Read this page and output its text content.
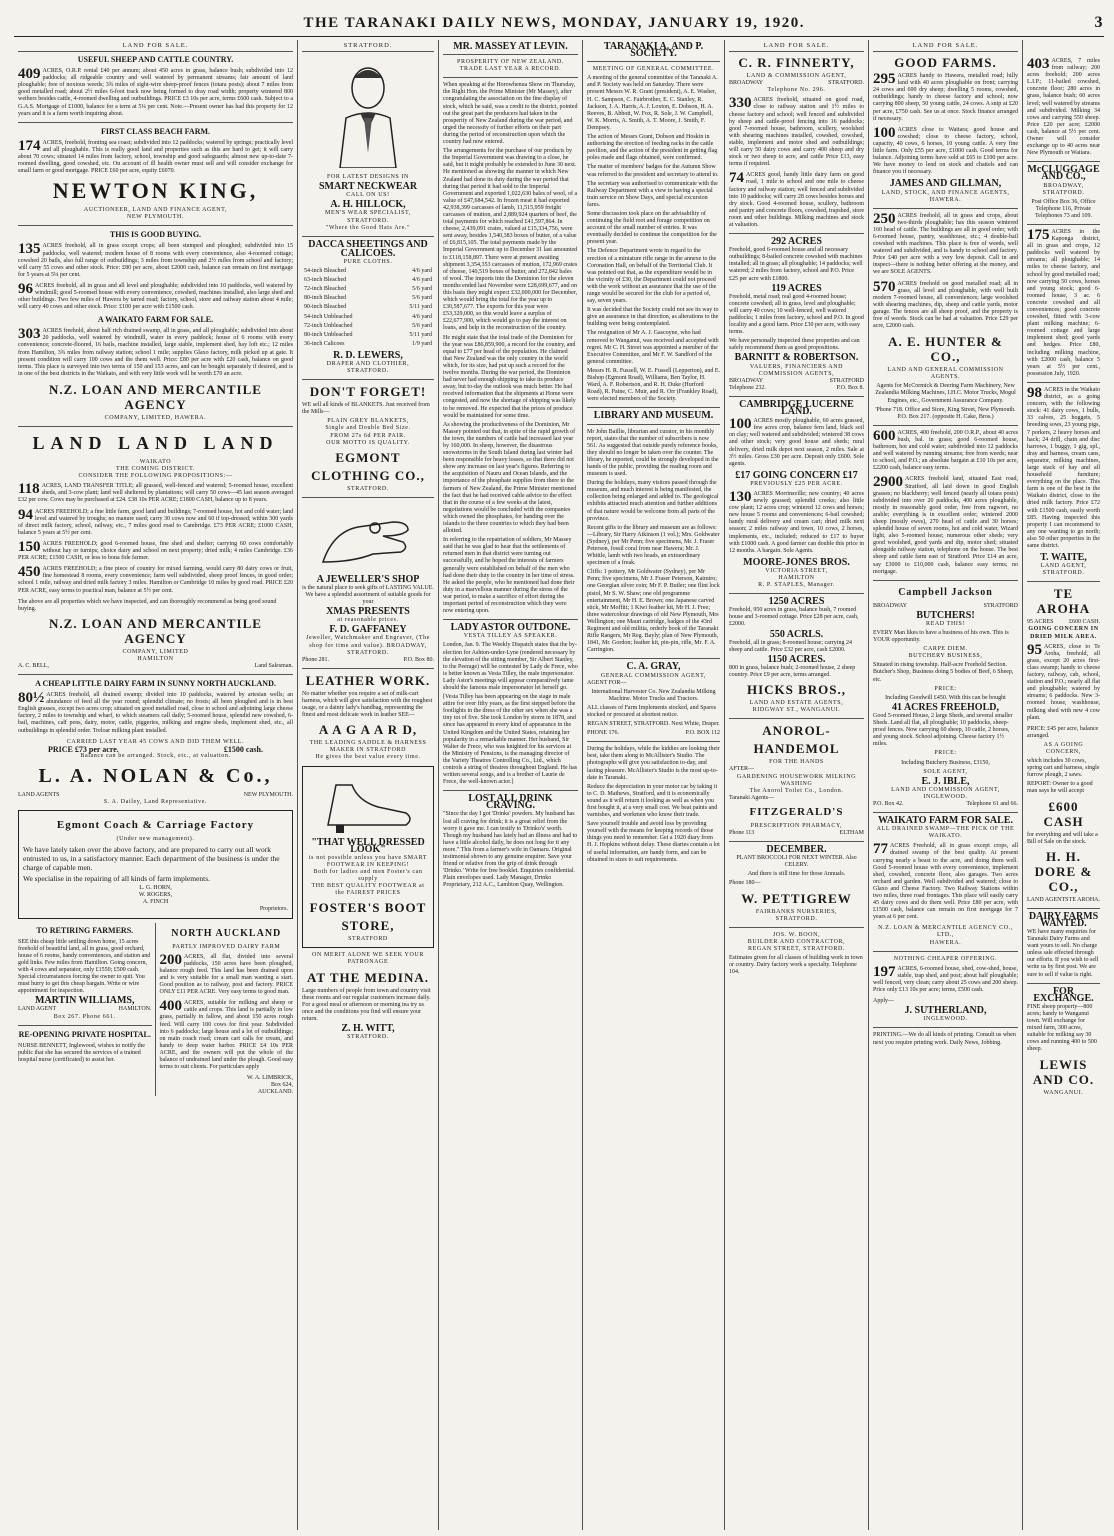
THE TARANAKI DAILY NEWS, MONDAY, JANUARY 19, 1920.	3
LAND FOR SALE.
USEFUL SHEEP AND CATTLE COUNTRY.
409 ACRES, O.R.P. rental £40 per annum; about 450 acres in grass, balance bush; subdivided into 12 paddocks; all ridgeable country and well watered by permanent streams; fair amount of land ploughable; free of noxious weeds; 3¾ miles of sight-wire sheep-proof fences (totara posts); about 7 miles from good metalled road; about 2½ miles 6-foot track now being formed to dray road width; property wintered 800 wethers besides cattle, 4-roomed dwelling and outbuildings. PRICE £3 10s per acre, terms £600 cash. Subject to a G.A.S. Mortgage of £1000, balance for a term at 5¼ per cent. Note.—Present owner has had this property for 12 years and it is a farm worth inquiring about.
FIRST CLASS BEACH FARM.
174 ACRES, freehold, fronting sea coast; subdivided into 12 paddocks; watered by springs; practically level and all ploughable. This is really good land and properties such as this are hard to get; it will carry about 70 cows; situated 14 miles from factory, school, township and good safeguards; almost new up-to-date 7-roomed dwelling, good cowshed, etc. On account of ill health owner must sell and will consider exchange for small farm or good mortgage. PRICE £60 per acre, equity £6070.
NEWTON KING,
AUCTIONEER, LAND AND FINANCE AGENT,
NEW PLYMOUTH.
THIS IS GOOD BUYING.
135 ACRES freehold, all in grass except crops; all been stumped and ploughed; subdivided into 15 paddocks, well watered; modern house of 8 rooms with every convenience, also 4-roomed cottage; cowshed 20 bails, also full range of outbuildings; 3 miles from township and 2½ miles from school and factory; will carry 55 cows and other stock. Price: £80 per acre, about £2000 cash, balance can remain on first mortgage for 5 years at 5¼ per cent.
96 ACRES freehold, all in grass and all level and ploughable; subdivided into 10 paddocks, well watered by windmill; good 5-roomed house with every convenience, cowshed, machines installed, also large shed and other buildings. Two few miles of Hawera by tarred road; factory, school, store and railway station about 4 mile; will carry 40 cows and other stock. Price: £100 per acre with £1500 cash.
A WAIKATO FARM FOR SALE.
303 ACRES freehold, about half rich drained swamp, all in grass, and all ploughable; subdivided into about 20 paddocks, well watered by windmill, water in every paddock; house of 6 rooms with every convenience; concrete-floored, 16 bails, machine installed, large stable, implement shed, hay loft etc.; 12 miles from Hamilton, 3¾ miles from railway station; school 1 mile; supplies Glaxo factory, milk picked up at gate. It present condition will carry 100 cows and the them well. Price: £80 per acre with £20 cash, balance on good terms. This place is surveyed into two terms of 150 and 153 acres, and can be bought separately if desired, and is in one of the best districts in the Waikato, and with very little work will be worth £70 an acre.
N.Z. LOAN AND MERCANTILE AGENCY
COMPANY, LIMITED, HAWERA.
LAND LAND LAND
WAIKATO
THE COMING DISTRICT.
CONSIDER THE FOLLOWING PROPOSITIONS:—
118 ACRES, LAND TRANSFER TITLE; all grassed, well-fenced and watered; 5-roomed house, excellent sheds, and 3-cow plant; land well sheltered by plantations; will carry 50 cows—45 last season averaged £32 per cow. Cows may be purchased at £24. £38 10s PER ACRE; £1800 CASH, balance up to 8 years.
94 ACRES FREEHOLD; a fine little farm, good land and buildings; 7-roomed house, hot and cold water; land level and watered by troughs; no manure used; carry 30 cows now and 60 if top-dressed; within 300 yards of direct milk factory, school, railway, etc., 7 miles good road to Cambridge. £73 PER ACRE; £1000 CASH, balance 5 years at 5½ per cent.
150 ACRES FREEHOLD; good 6-roomed house, fine shed and shelter; carrying 60 cows comfortably without hay or turnips; choice dairy and school on next property; dried milk; 4 miles Cambridge. £36 PER ACRE; £1500 CASH, or less to bona fide farmer.
450 ACRES FREEHOLD; a fine piece of country for mixed farming, would carry 80 dairy cows or fruit, fine homestead 8 rooms, every convenience; farm well subdivided, sheep proof fences, in good order; school 1 mile, railway and dried milk factory 3 miles. Hamilton or Cambridge 10 miles by good road. PRICE £20 PER ACRE, easy terms to practical man, balance at 5½ per cent.

The above are all properties which we have inspected, and can thoroughly recommend as being good sound buying.

N.Z. LOAN AND MERCANTILE AGENCY
COMPANY, LIMITED
HAMILTON
A. C. BELL,	Land Salesman.
A CHEAP LITTLE DAIRY FARM IN SUNNY NORTH AUCKLAND.
80½ ACRES freehold, all drained swamp; divided into 10 paddocks, watered by artesian wells; an abundance of feed all the year round; splendid climate; no frosts; all been ploughed and is in best English grasses, except two acres crop; situated on good metalled road, close to school and adjoining large cheese factory, 2 miles to township and wharf, to which steamers call daily; 5-roomed house, splendid new cowshed, 6-bail, machines, calf pens, dairy, motor, cattle, piggeries, milking and engine sheds, implement shed, etc., all outbuildings in splendid order. Treloar milking plant installed.
CARRIED LAST YEAR 45 COWS AND DID THEM WELL.
PRICE £73 per acre.	£1500 cash.
Balance can be arranged. Stock, etc., at valuation.
L. A. NOLAN & Co.,
LAND AGENTS	NEW PLYMOUTH.
S. A. Dailey, Land Representative.
Egmont Coach & Carriage Factory
(Under new management).

We have lately taken over the above factory, and are prepared to carry out all work entrusted to us, in a satisfactory manner. Each department of the business is under the charge of capable men.

We specialise in the repairing of all kinds of farm implements.

L. G. HORN,
W. ROGERS,
A. FINCH
Proprietors.
TO RETIRING FARMERS.

SEE this cheap little settling down home, 15 acres freehold of beautiful land, all in grass, good orchard, house of 6 rooms, handy conveniences, and station and gold links. Few miles from Hamilton. Going concern, with 4 cows and separator, only £1550; £500 cash. Special circumstances forcing the owner to quit. You must hurry to get this cheap bargain. Write or wire appointment for inspection.

MARTIN WILLIAMS,
LAND AGENT	HAMILTON.
Box 267. Phone 661.
RE-OPENING PRIVATE HOSPITAL.

NURSE BENNETT, Inglewood, wishes to notify the public that she has secured the services of a trained hospital nurse (certificated) to assist her.

NORTH AUCKLAND
PARTLY IMPROVED DAIRY FARM
200 ACRES, all flat, divided into several paddocks, 150 acres have been ploughed, balance rough feed. This land has been drained upon and is very suitable for a small man wanting a start. Good position as to railway, post and factory. PRICE ONLY £11 PER ACRE. Very easy terms to good man.
400 ACRES, suitable for milking and sheep or cattle and crops. This land is partially in low grass, partially in fallow, and about 150 acres rough feed. Will carry 100 cows for first year. Subdivided into 6 paddocks; large house and a lot of outbuildings; on main coach road; cream cart calls for cream, and handy to deep water harbor. PRICE £4 10s PER ACRE, and the owners will put the whole of the balance of undrained land under the plough. Good easy terms to suit clients. For particulars apply
W. A. LIMBRICK,
Box 624,
AUCKLAND.
STRATFORD.
FOR LATEST DESIGNS IN
SMART NECKWEAR
CALL ON US!
A. H. HILLOCK,
MEN'S WEAR SPECIALIST,
STRATFORD.
"Where the Good Hats Are."
DACCA SHEETINGS AND
CALICOES.
PURE CLOTHS.
54-inch Bleached	4/6 yard
63-inch Bleached	4/6 yard
72-inch Bleached	5/6 yard
80-inch Bleached	5/6 yard
90-inch Bleached	5/11 yard
54-inch Unbleached	4/6 yard
72-inch Unbleached	5/6 yard
80-inch Unbleached	5/11 yard
36-inch Calicoes	1/9 yard
R. D. LEWERS,
DRAPER AND CLOTHIER,
STRATFORD.
DON'T FORGET!

WE sell all kinds of BLANKETS. Just received from the Mills—

PLAIN GREY BLANKETS,
Single and Double Bed Size.
FROM 27s 6d PER PAIR.
OUR MOTTO IS QUALITY.
EGMONT
CLOTHING CO.,
STRATFORD.
A JEWELLER'S SHOP

is the natural place to seek gifts of LASTING VALUE. We have a splendid assortment of suitable goods for your

XMAS PRESENTS
at reasonable prices.
F. D. GAFFANEY
Jeweller, Watchmaker and Engraver, (The shop for time and value). BROADWAY, STRATFORD.
Phone 281.	P.O. Box 80.
LEATHER WORK.

No matter whether you require a set of milk-cart harness, which will give satisfaction with the roughest usage, or a dainty lady's handbag, representing the finest and most delicate work in leather SEE—

A A G A A R D,
THE LEADING SADDLE & HARNESS MAKER IN STRATFORD
He gives the best value every time.
"THAT WELL DRESSED LOOK"
is not possible unless you have SMART FOOTWEAR IN KEEPING!
Both for ladies and men Foster's can supply
THE BEST QUALITY FOOTWEAR at the FAIREST PRICES
FOSTER'S BOOT
STORE,
STRATFORD
ON MERIT ALONE WE SEEK YOUR PATRONAGE
AT THE MEDINA.

Large numbers of people from town and country visit these rooms and our regular customers increase daily. For a good meal or afternoon or morning tea try us once and the conditions you find will ensure your return.

Z. H. WITT,
STRATFORD.
MR. MASSEY AT LEVIN.
PROSPERITY OF NEW ZEALAND.
TRADE LAST YEAR A RECORD.

When speaking at the Horowhenua Show on Thursday, the Right Hon. the Prime Minister (Mr Massey), after congratulating the association on the fine display of stock, which he said, was a credit to the district, pointed out the great part the producers had taken in the prosperity of New Zealand during the war period, and urged the necessity of further efforts on their part during the period of reconstruction upon which the country had now entered.

The arrangements for the purchase of our products by the Imperial Government was drawing to a close, he said, but it might probably be extended to June 30 next. He mentioned as showing the manner in which New Zealand had done its duty during the war period that during that period it had sold to the Imperial Government and exported 1,022,630 bales of wool, of a value of £47,684,542. In frozen meat it had exported 42,938,399 carcasses of lamb, 11,515,959 freight carcasses of mutton, and 2,889,924 quarters of beef, the total payments for which reached £41,597,864. In cheese, 2,439,091 crates, valued at £15,334,756, were sent away, besides 1,540,383 boxes of butter, of a value of £6,815,105. The total payments made by the Imperial Government up to December 31 last amounted to £118,158,897. There were at present awaiting shipment 3,354,353 carcasses of mutton, 172,969 crates of cheese, 140,519 boxes of butter, and 272,842 bales of wool. The imports into the Dominion for the eleven months ended last November were £28,699,677, and on this basis they might expect £32,000,000 for December, which would bring the total for the year up to £30,587,677. The exports for this year were £53,329,000, so this would leave a surplus of £22,677,900, which would go to pay the interest on loans, and help in the reconstruction of the country.

He might state that the total trade of the Dominion for the year was £86,859,900, a record for the country, and equal to £77 per head of the population. He claimed that New Zealand was the only country in the world which, for its size, had put up such a record for the twelve months. During the war period, the Dominion had never had enough shipping to take its produce away, but to-day the outlook was much better. He had received information that the shipments at Home were congested, and now the shortage of shipping was likely to be removed. He expected that the prices of produce would be maintained for some time.

As showing the productiveness of the Dominion, Mr Massey pointed out that, in spite of the rapid growth of the town, the numbers of cattle had increased last year by 160,000. In sheep, however, the disastrous snowstorms in the South Island during last winter had been responsible for heavy losses, so that there did not show any increase on last year's figures. Referring to the acquisition of Nauru and Ocean Islands, and the importance of the phosphate supplies from there to the farmers of New Zealand, the Prime Minister mentioned the fact that he had received cable advice to the effect that in the course of a few weeks at the latest, negotiations would be concluded with the companies which owned the phosphates, for handing over the islands to the three countries to which they had been allotted.

In referring to the repatriation of soldiers, Mr Massey said that he was glad to hear that the settlements of returned men in that district were turning out successfully, and he hoped the interests of farmers generally were established on behalf of the men who had done their duty to the country in her time of stress. He asked the people, who he mentioned had done their duty in a marvellous manner during the stress of the war period, to make a sacrifice of effort during the important period of reconstruction which they were now entering upon.

LADY ASTOR OUTDONE.
VESTA TILLEY AS SPEAKER.

London, Jan. 9. The Weekly Dispatch states that the by-election for Ashton-under-Lyne (rendered necessary by the elevation of the sitting member, Sir Albert Stanley, to the Peerage) will be contested by Lady de Frece, who is better known as Vesta Tilley, the male impersonator. Lady Astor's meetings will appear comparatively tame should the famous male impersonator let herself go.

[Vesta Tilley has been appearing on the stage in male attire for over fifty years, as the first stepped before the footlights in the dress of the other sex when she was a tiny tot of five. She took London by storm in 1878, and since has appeared in every kind of appearance in the United Kingdom and the United States, retaining her popularity in a remarkable manner. Her husband, Sir Walter de Frece, who was knighted for his services at the Ministry of Pensions, is the managing director of the Variety Theatres Controlling Co., Ltd., which controls a string of theatres throughout England. He has written several songs, and is a brother of Laurie de Frece, the well-known actor.]

LOST ALL DRINK CRAVING.

"Since the day I got 'Drinks' powders. My husband has lost all craving for drink; it is a great relief from the worry it gave me. I can testify to 'Drinko's' worth. Though my husband has lately had an illness and had to have a little alcohol daily, he does not long for it any more." This from a farmer's wife in Oamaru. Original testimonial shown to any genuine enquirer. Save your friend or relative from the grip of drink through 'Drinko.' Write for free booklet. Enquiries confidential. Plain envelopes used. Lady Manager, Drinko Proprietary, 212 A.C., Lambton Quay, Wellington.

TARANAKI A. AND P. SOCIETY.
MEETING OF GENERAL COMMITTEE.

A meeting of the general committee of the Taranaki A. and P. Society was held on Saturday. There were present Messrs W. R. Grant (president), A. E. Washer, H. C. Sampson, C. Fairbrother, E. C. Stanley, R. Jackson, J. A. Harris, A. J. Loxton, E. Dobson, H. A. Reeves, B. Abbott, W. Fox, R. Sole, J. W. Campbell, W. K. Morris, A. Smith, A. T. Moore, J. Smith, F. Dempsey.

The action of Messrs Grant, Dobson and Hoskin in authorising the erection of feeding racks in the cattle pavilion, and the action of the president in getting flag poles made and flags obtained, were confirmed.

The matter of members' badges for the Autumn Show was referred to the president and secretary to attend to.

The secretary was authorised to communicate with the Railway Department with a view to having a special train service on Show Days, and special excursion fares.

Some discussion took place on the advisability of continuing the field root and forage competition on account of the small number of entries. It was eventually decided to continue the competition for the present year.

The Defence Department wrote in regard to the erection of a miniature rifle range in the annexe to the Coronation Hall, on behalf of the Territorial Club. It was pointed out that, as the expenditure would be in the vicinity of £30, the Department could not proceed with the work without an assurance that the use of the range would be secured for the club for a period of, say, seven years.

It was decided that the Society could not see its way to give an assurance in that direction, as alterations to the building were being contemplated.

The resignation of Mr A. J. Gascoyne, who had removed to Wanganui, was received and accepted with regret. Mr C. H. Street was appointed a member of the Executive Committee, and Mr F. W. Sandford of the general committee.

Messrs H. R. Fussell, W. E. Fussell (Lepperton), and E. Bishop (Egmont Road), Williams, Ben Taylor, H. Ward, A. F. Robertson, and R. H. Duke (Hurford Road), R. Paine, C. Muir, and R. Orr (Frankley Road), were elected members of the Society.

LIBRARY AND MUSEUM.

Mr John Baillie, librarian and curator, in his monthly report, states that the number of subscribers is now 561. As suggested that outside purely reference books, they should no longer be taken over the counter. The library, he reported, could be strongly developed in the hands of the public, providing the reading room and museum is used.

During the holidays, many visitors passed through the museum, and much interest is being manifested, the collection being enlarged and added to. The geological exhibits attracted much attention and further additions of that nature would be welcome from all parts of the province.

Recent gifts to the library and museum are as follows:—Library, Sir Harry Atkinson (1 vol.); Mrs. Goldwater (Sydney), per Mr Penn; five specimens, Mr. J. Fraser Peterson, fossil coral from near Hawera; Mr. J. Whittle, lamb with two heads, an extraordinary specimen of a freak.

Cliffs: 1 pottery, Mr Goldwater (Sydney), per Mr Penn; five specimens, Mr J. Fraser Peterson, Kaimiro; one Georgian silver coin; Mr F. P. Butler; one flint lock pistol, Mr S. W. Shaw; one old programme entertainment, Mr H. E. Brown; one Japanese carved stick, Mr Moffitt; 1 Kiwi feather kit, Mr H. J. Free; three watercolour drawings of old New Plymouth, Mrs Wellington; one Mauri cartridge, badges of the 43rd Regiment and old militia, orderly book of the Taranaki Rifle Rangers, Mr Reg. Bayly; plan of New Plymouth, 1841, Mr. Gordon; feather kit, pin-pin, rifle, Mr. F. A. Carrington.

C. A. GRAY,
GENERAL COMMISSION AGENT,
AGENT FOR—

International Harvester Co. New Zealandia Milking Machine. Motor Trucks and Tractors.

ALL classes of Farm Implements stocked, and Spares stocked or procured at shortest notice.

REGAN STREET, STRATFORD. Next White, Draper.

PHONE 176.	P.O. BOX 112

During the holidays, while the kiddies are looking their best, take them along to McAllister's Studio. The photographs will give you satisfaction to-day, and lasting pleasure. McAllister's Studio is the most up-to-date in Taranaki.

Reduce the depreciation in your motor car by taking it to C. D. Mathews, Stratford, and it is economically sound as it will return it looking as well as when you first bought it, at a very small cost. We beat paints and varnishes, and workmen who know their trade.

Save yourself trouble and avoid loss by providing yourself with the means for keeping records of those things you need to remember. Get a 1920 diary from H. J. Hopkins without delay. These diaries contain a lot of useful information, are handy form, and can be obtained in sizes to suit requirements.

LAND FOR SALE.
C. R. FINNERTY,
LAND & COMMISSION AGENT,
BROADWAY	STRATFORD.
Telephone No. 296.
330 ACRES freehold, situated on good road, close to railway station and 1½ miles to cheese factory and school; well fenced and subdivided by sheep and cattle-proof fencing into 16 paddocks; good 7-roomed house, bathroom, scullery, woolshed with shearing machines installed, cowshed, cowshed, stable, implement and motor shed and outbuildings; will carry 50 dairy cows and carry 400 sheep and dry stock or two sheep to acre, and cattle Price £13, easy terms if required.
74 ACRES good, handy little dairy farm on good road, 1 mile to school and one mile to cheese factory and railway station; well fenced and subdivided into 10 paddocks; will carry 28 cows besides horses and dry stock. Good 4-roomed house, scullery, bathroom and pantry and concrete floors, cowshed, trapshed, store room and other buildings. Milking machines and stock at valuation.
292 ACRES

Freehold, good 6-roomed house and all necessary outbuildings; 8-bailed concrete cowshed with machines installed; all in grass; all ploughable; 14 paddocks; well watered; 2 miles from factory, school and P.O. Price £25 per acre with £1800.

119 ACRES

Freehold, metal road; real good 4-roomed house; concrete cowshed; all in grass, level and ploughable; will carry 40 cows; 10 well-fenced, well watered paddocks; 1 miles from factory, school and P.O. In good locality and a good farm. Price £30 per acre, with easy terms.

We have personally inspected these properties and can safely recommend them as good propositions.

BARNITT & ROBERTSON.
VALUERS, FINANCIERS AND COMMISSION AGENTS,
BROADWAY	STRATFORD
Telephone 232.	P.O. Box 8.
CAMBRIDGE LUCERNE LAND.
100 ACRES mostly ploughable, 60 acres grassed, few acres crop, balance fern land, black soil on clay; well watered and subdivided; wintered 38 cows and other stock; very good house and sheds; rural delivery, dried milk depot next season, 2 miles. Sale at 3½ miles. Gross £30 per acre. Deposit only £600. Sole agents.
£17 GOING CONCERN £17
PREVIOUSLY £25 PER ACRE.
130 ACRES Morrinsville; new country; 40 acres newly grassed; splendid creeks; also little cow plant; 12 acres crop; wintered 12 cows and horses; new house 5 rooms and conveniences; 6-bail cowshed; handy rural delivery and cream cart; dried milk next season; 2 miles railway and town, 10 cows, 2 horses, implements, etc., included; reduced to £17 to buyer with £1000 cash. A good farmer can double this price in 12 months. A bargain. Sole Agents.
MOORE-JONES BROS.
VICTORIA STREET,
HAMILTON
R. P. STAPLES, Manager.
1250 ACRES

Freehold, 950 acres in grass, balance bush, 7 roomed house and 3-roomed cottage. Price £28 per acre, cash, £2000.

550 ACRLS.

Freehold, all in grass; 8-roomed house; carrying 24 sheep and cattle. Price £32 per acre, cash £2000.

1150 ACRES.

800 in grass, balance bush; 2-roomed house, 2 sheep country. Price £9 per acre, terms arranged.

HICKS BROS.,
LAND AND ESTATE AGENTS,
RIDGWAY ST., WANGANUI.
ANOROL-
HANDEMOL
FOR THE HANDS
AFTER—
GARDENING HOUSEWORK MILKING WASHING
The Anorol Toilet Co., London.
Taranaki Agents—
FITZGERALD'S
PRESCRIPTION PHARMACY,
Phone 113	ELTHAM
DECEMBER.

PLANT BROCCOLI FOR NEXT WINTER. Also CELERY.

And there is still time for those Annuals.

Phone 180—
W. PETTIGREW
FAIRBANKS NURSERIES,
STRATFORD.
JOS. W. BOON,
BUILDER AND CONTRACTOR,
REGAN STREET, STRATFORD.

Estimates given for all classes of building work in town or country. Dairy factory work a specialty. Telephone 104.

LAND FOR SALE.
GOOD FARMS.
295 ACRES handy to Hawera, metalled road; hilly land with 40 acres ploughable on front; carrying 24 cows and 600 dry sheep; dwelling 5 rooms, cowshed, outbuildings; handy to cheese factory and school; now carrying 800 sheep, 50 young cattle, 24 cows. A snip at £20 per acre, £750 cash. See us at once. Stock finance arranged if necessary.
100 ACRES close to Waitara; good house and cowshed; close to cheese factory, school, capacity, 40 cows, 6 horses, 10 young cattle. A very fine little farm. Only £55 per acre, £1000 cash. Good terms for balance. Adjoining terms have sold at £65 to £100 per acre. We have money to lend on stock and chattels and can finance you if necessary.
JAMES AND GILLMAN,
LAND, STOCK, AND FINANCE AGENTS, HAWERA.
250 ACRES freehold, all in grass and crops, about two-thirds ploughable; has this season wintered 160 head of cattle. The buildings are all in good order, with 6-roomed house, pantry, washhouse, etc.; 4 double-bail cowshed with machines. This place is free of weeds, well watered and subdivided, and is handy to school and factory. Price £40 per acre with a very low deposit. Call in and inspect—there is nothing better offering at the money, and we are SOLE AGENTS.
570 ACRES freehold on good metalled road; all in grass, all level and ploughable, with well built modern 7-roomed house, all conveniences; large woolshed with shearing machines, dip, sheep and cattle yards, motor garage. The fences are all sheep proof, and the property is free of weeds. Stock can be had at valuation. Price £29 per acre, £2000 cash.
A. E. HUNTER & CO.,
LAND AND GENERAL COMMISSION AGENTS.

Agents for McCormick & Deering Farm Machinery, New Zealandia Milking Machines, I.H.C. Motor Trucks, Mogul Engines, etc., Government Assurance Company.

'Phone 718. Office and Store, King Street, New Plymouth. P.O. Box 217. (opposite H. Cake, Bros.)

600 ACRES, 400 freehold, 200 O.R.P., about 40 acres bush, bal. in grass; good 6-roomed house, bathroom, hot and cold water; subdivided into 12 paddocks and well watered by running streams; free from weeds; near to school, and P.O.; an absolute bargain at £10 10s per acre, £2200 cash, balance easy terms.
2900 ACRES freehold land, situated East road, Stratford, all laid down in good English grasses; no blackberry; well fenced (nearly all totara posts) subdivided into over 20 paddocks, 400 acres ploughable, mostly in reasonably good order, free from ragwort, no arable; everything is in excellent order; wintered 2000 sheep (mostly ewes), 270 head of cattle and 30 horses; splendid house of seven rooms, hot and cold water, Wizard light, also 5-roomed house; numerous other sheds; very good woolshed, good yards and dip, motor shed; situated alongside railway station, telephone on the house. The best sheep and cattle farm east of Stratford. Price £14 an acre, say £3000 to £10,000 cash, balance easy terms; no mortgage.
Campbell Jackson
BROADWAY	STRATFORD
BUTCHERS!
READ THIS!

EVERY Man likes to have a business of his own. This is YOUR opportunity.

CARPE DIEM.
BUTCHERY BUSINESS,

Situated in rising township. Half-acre Freehold Section. Butcher's Shop, Business doing 5 bodies of Beef, 6 Sheep, etc.

PRICE:

Including Goodwill £450. With this can be bought

41 ACRES FREEHOLD,

Good 5-roomed House, 2 large Sheds, and several smaller Sheds. Land all flat, all ploughable; 10 paddocks, sheep-proof fences. Now carrying 60 sheep, 10 cattle, 2 horses, and young stock. School adjoining. Cheese factory 1½ miles.

PRICE:

Including Butchery Business, £3150,

SOLE AGENT,
E. J. IBLE,
LAND AND COMMISSION AGENT, INGLEWOOD.
P.O. Box 42.	Telephone 61 and 66.
WAIKATO FARM FOR SALE.
ALL DRAINED SWAMP—THE PICK OF THE WAIKATO.
77 ACRES Freehold, all in grass except crops, all drained swamp of the best quality. At present carrying nearly a beast to the acre, and doing them well. Good 5-roomed house with every convenience, implement shed, cowshed, concrete floor, also garages. Two acres orchard and garden. Well subdivided and watered; close to Glaxo and Cheese Factory. Two Railway Stations within two miles, three road frontages. This place will easily carry 45 dairy cows and do them well. Price £80 per acre, with £1500 cash, balance can remain on first mortgage for 7 years at 6 per cent.
N.Z. LOAN & MERCANTILE AGENCY CO., LTD.,
HAWERA.
NOTHING CHEAPER OFFERING.
197 ACRES, 6-roomed house, shed, cow-shed, house, stable, trap shed, and post; about half ploughable; well fenced, very clean; carry about 25 cows and 200 sheep. Price only £13 10s per acre; terms, £500 cash.
Apply—
J. SUTHERLAND,
INGLEWOOD.

PRINTING.—We do all kinds of printing. Consult us when next you require printing work. Daily News, Jobbing.

403 ACRES, 7 miles from railway; 200 acres freehold; 200 acres L.I.P.; 11-bailed cowshed, concrete floor; 280 acres in grass, balance bush; 60 acres level; well watered by streams and subdivided. Milking 34 cows and carrying 550 sheep. Price £20 per acre; £2000 cash, balance at 5½ per cent. Owner will consider exchange up to 40 acres near New Plymouth or Waitara.
McCLUGGAGE AND CO.,
BROADWAY, STRATFORD.

Post Office Box 36, Office Telephone 116, Private Telephones 73 and 109.

175 ACRES in the Kaponga district, all in grass and crops, 12 paddocks well watered by streams; all ploughable; 14 miles to cheese factory, and school by good metalled road; now carrying 50 cows, horses and young stock; good 6-roomed house, 3 ac. 6 concrete cowshed and all conveniences; good concrete cowshed, fitted with 3-cow plant milking machine; 6-roomed cottage and large implement shed; good yards and hedges. Price £80, including milking machine, with £2000 cash, balance 5 years at 5½ per cent., possession July, 1920.
98 ACRES in the Waikato district, as a going concern, with the following stock: 41 dairy cows, 1 bulls, 33 calves, 25 hoggets, 5 breeding sows, 23 young pigs, 7 porkers, 2 heavy horses and hack; 24 drill, chain and disc harrows, 1 buggy, 1 gig, spl., dray and harness, cream cans, separator, milking machines, large stack of hay and all household furniture; everything on the place. This farm is one of the best in the Waikato district, close to the dried milk factory. Price £72 with £1500 cash, easily worth £85. Having inspected this property I can recommend to any one wanting to go north; also 50 other properties in the same district.
T. WAITE,
LAND AGENT,
STRATFORD.
TE AROHA
95 ACRES	£600 CASH.
GOING CONCERN IN DRIED MILK AREA.
95 ACRES, close to Te Aroha, freehold, all grass, except 20 acres first-class swamp; handy to cheese factory, railway, cab, school, station and P.O.; nearly all flat and ploughable; watered by streams; 6 paddocks. New 3-roomed house, washhouse, milking shed with new 4 cow plant.

PRICE: £45 per acre, balance arranged.

AS A GOING CONCERN,

which includes 30 cows, spring cart and harness, single furrow plough, 2 saws.

REPORT: Owner to a good man says he will accept

£600 CASH

for everything and will take a Bill of Sale on the stock.

H. H. DORE & CO.,
LAND AGENTS TE AROHA.
DAIRY FARMS WANTED.

WE have many enquiries for Taranaki Dairy Farms and want yours to sell. No charge unless sale effected through our efforts. If you wish to sell write us by first post. We are sure to sell if value is right.

FOR EXCHANGE.

FINE sheep property—800 acres; handy to Wanganui town. Will exchange for mixed farm, 300 acres, suitable for milking say 30 cows and running 400 to 500 sheep.

LEWIS AND CO.
WANGANUI.
